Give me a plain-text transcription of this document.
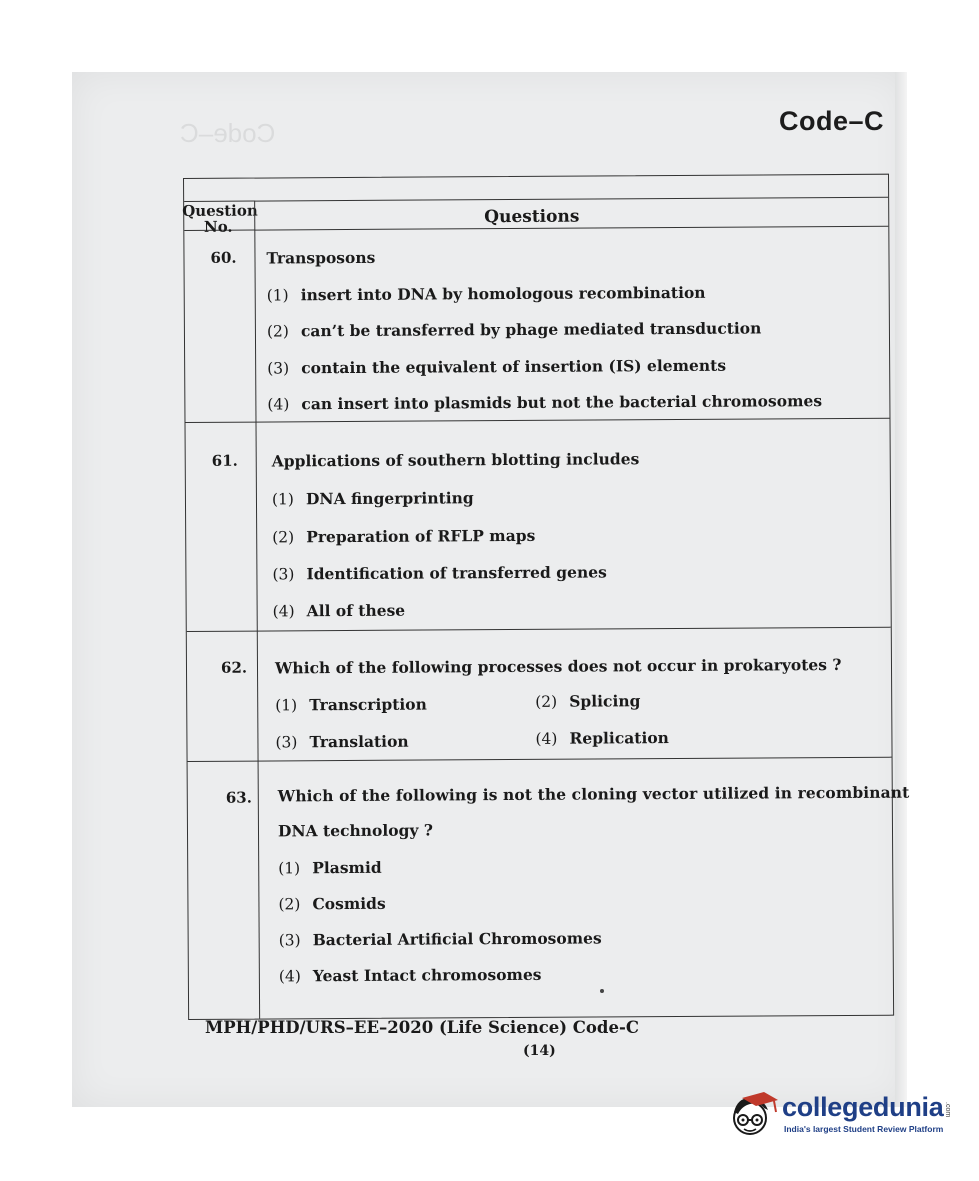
Code–C	Code–C
Question
No.	Questions
60. Transposons
(1) insert into DNA by homologous recombination
(2) can’t be transferred by phage mediated transduction
(3) contain the equivalent of insertion (IS) elements
(4) can insert into plasmids but not the bacterial chromosomes
61. Applications of southern blotting includes
(1) DNA fingerprinting
(2) Preparation of RFLP maps
(3) Identification of transferred genes
(4) All of these
62. Which of the following processes does not occur in prokaryotes ?
(1) Transcription	(2) Splicing
(3) Translation	(4) Replication
63. Which of the following is not the cloning vector utilized in recombinant
DNA technology ?
(1) Plasmid
(2) Cosmids
(3) Bacterial Artificial Chromosomes
(4) Yeast Intact chromosomes
MPH/PHD/URS–EE–2020 (Life Science) Code-C
(14)
collegedunia .com
India's largest Student Review Platform
